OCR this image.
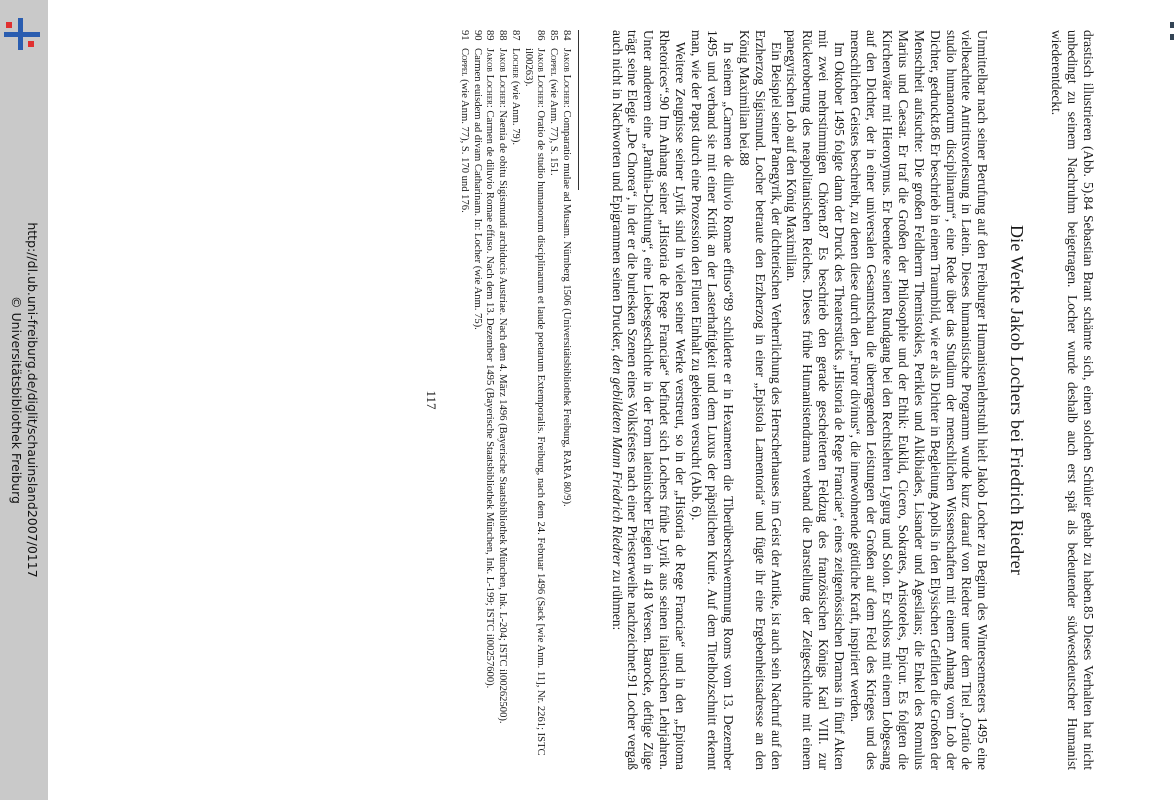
http://dl.ub.uni-freiburg.de/diglit/schauinsland2007/0117
© Universitätsbibliothek Freiburg	drastisch illustrieren (Abb. 5).84 Sebastian Brant schämte sich, einen solchen Schüler gehabt zu haben.85 Dieses Verhalten hat nicht unbedingt zu seinem Nachruhm beigetragen. Locher wurde deshalb auch erst spät als bedeutender südwestdeutscher Humanist wiederentdeckt.

Die Werke Jakob Lochers bei Friedrich Riedrer

Unmittelbar nach seiner Berufung auf den Freiburger Humanistenlehrstuhl hielt Jakob Locher zu Beginn des Wintersemesters 1495 eine vielbeachtete Antrittsvorlesung in Latein. Dieses humanistische Programm wurde kurz darauf von Riedrer unter dem Titel „Oratio de studio humanorum disciplinarum“, eine Rede über das Studium der menschlichen Wissenschaften mit einem Anhang vom Lob der Dichter, gedruckt.86 Er beschrieb in einem Traumbild, wie er als Dichter in Begleitung Apolls in den Elysischen Gefilden die Großen der Menschheit aufsuchte: Die großen Feldherrn Themistokles, Perikles und Alkibiades, Lisander und Agesilaus; die Enkel des Romulus Marius und Caesar. Er traf die Großen der Philosophie und der Ethik: Euklid, Cicero, Sokrates, Aristoteles, Epicur. Es folgten die Kirchenväter mit Hieronymus. Er beendete seinen Rundgang bei den Rechtslehren Lygurg und Solon. Er schloss mit einem Lobgesang auf den Dichter, der in einer universalen Gesamtschau die überragenden Leistungen der Großen auf dem Feld des Krieges und des menschlichen Geistes beschreibt, zu denen diese durch den „Furor divinus“, die innewohnende göttliche Kraft, inspiriert werden.

Im Oktober 1495 folgte dann der Druck des Theaterstücks „Historia de Rege Franciae“, eines zeitgenössischen Dramas in fünf Akten mit zwei mehrstimmigen Chören.87 Es beschrieb den gerade gescheiterten Feldzug des französischen Königs Karl VIII. zur Rückeroberung des neapolitanischen Reiches. Dieses frühe Humanistendrama verband die Darstellung der Zeitgeschichte mit einem panegyrischen Lob auf den König Maximilian.

Ein Beispiel seiner Panegyrik, der dichterischen Verherrlichung des Herrscherhauses im Geist der Antike, ist auch sein Nachruf auf den Erzherzog Sigismund. Locher betraute den Erzherzog in einer „Epistola Lamentoria“ und fügte ihr eine Ergebenheitsadresse an den König Maximilian bei.88

In seinem „Carmen de diluvio Romae effuso“89 schilderte er in Hexametern die Tiberüberschwemmung Roms vom 13. Dezember 1495 und verband sie mit einer Kritik an der Lasterhaftigkeit und dem Luxus der päpstlichen Kurie. Auf dem Titelholzschnitt erkennt man, wie der Papst durch eine Prozession den Fluten Einhalt zu gebieten versucht (Abb. 6).

Weitere Zeugnisse seiner Lyrik sind in vielen seiner Werke verstreut, so in der „Historia de Rege Franciae“ und in den „Epitoma Rhetorices“.90 Im Anhang seiner „Historia de Rege Franciae“ befindet sich Lochers frühe Lyrik aus seinen italienischen Lehrjahren. Unter anderem eine „Panthia-Dichtung“, eine Liebesgeschichte in der Form lateinischer Elegien in 418 Versen. Barocke, deftige Züge trägt seine Elegie „De Chorea“, in der er die burlesken Szenen eines Volksfestes nach einer Priesterweihe nachzeichnet.91 Locher vergaß auch nicht in Nachworten und Epigrammen seinen Drucker, den gebildeten Mann Friedrich Riedrer zu rühmen:

84Jakob Locher: Comparatio mulae ad Musam. Nürnberg 1506 (Universitätsbibliothek Freiburg, RARA 80/9).
85Coppel (wie Anm. 77), S. 151.
86Jakob Locher: Oratio de studio humanorum disciplinarum et laude poetarum Extemporalis. Freiburg, nach dem 24. Februar 1496 (Sack [wie Anm. 11], Nr. 2261; ISTC il00263).
87Locher (wie Anm. 79).
88Jakob Locher: Naenia de obitu Sigismundi archiducis Austriae. Nach dem 4. März 1496 (Bayerische Staatsbibliothek München, Ink. L-204; ISTC il00262500).
89Jakob Locher: Carmen de diluvio Romae effuso. Nach dem 13. Dezember 1495 (Bayerische Staatsbibliothek München, Ink. L-199; ISTC il00257600).
90Carmen euisdem ad divam Catharinam. In: Locher (wie Anm. 75).
91Coppel (wie Anm. 77), S. 170 und 176.
117
